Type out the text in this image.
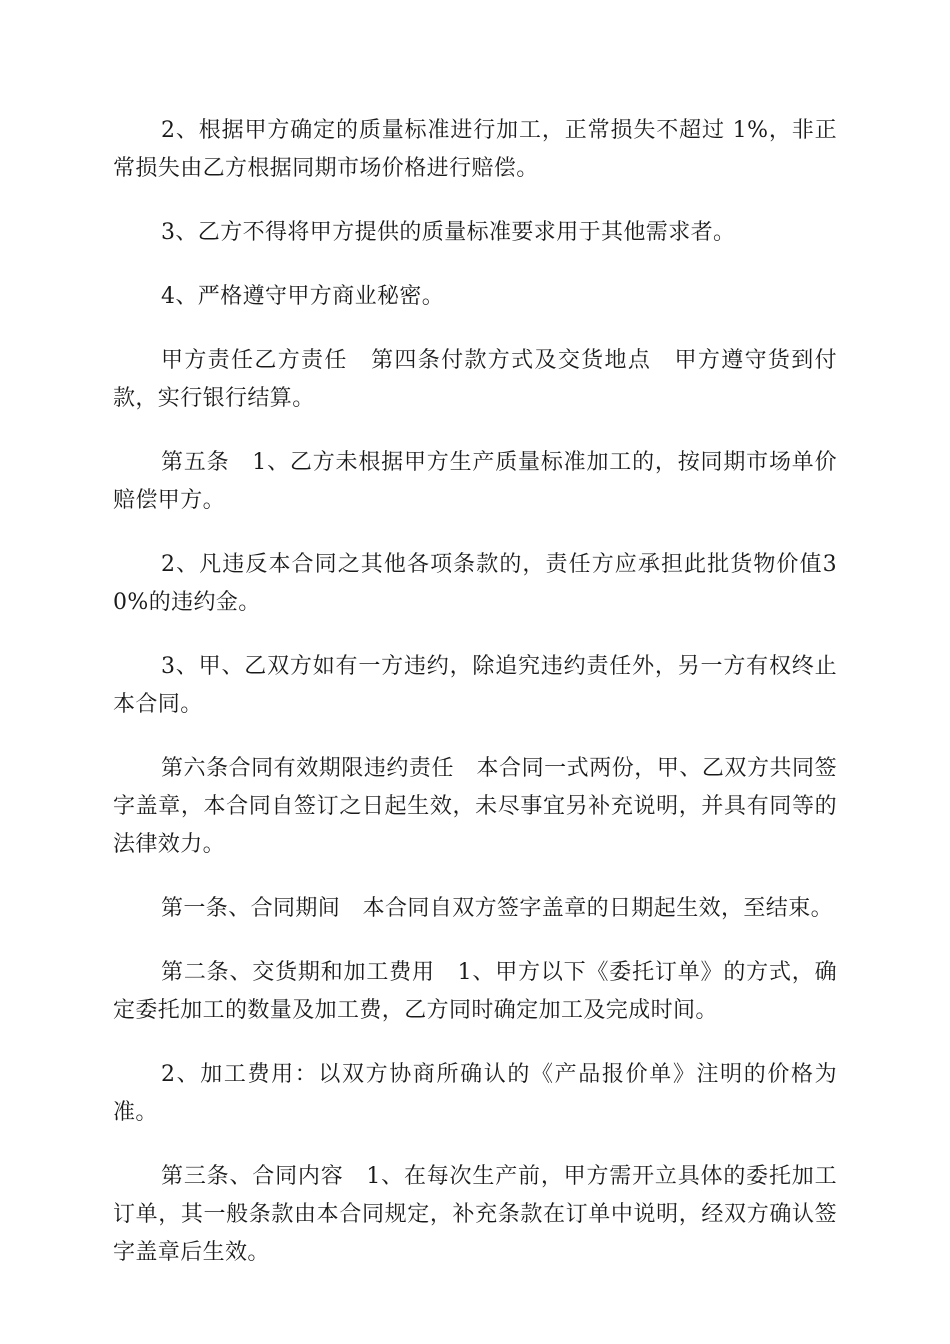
2、根据甲方确定的质量标准进行加工，正常损失不超过 1%，非正常损失由乙方根据同期市场价格进行赔偿。

3、乙方不得将甲方提供的质量标准要求用于其他需求者。

4、严格遵守甲方商业秘密。

甲方责任乙方责任　第四条付款方式及交货地点　甲方遵守货到付款，实行银行结算。

第五条　1、乙方未根据甲方生产质量标准加工的，按同期市场单价赔偿甲方。

2、凡违反本合同之其他各项条款的，责任方应承担此批货物价值30%的违约金。

3、甲、乙双方如有一方违约，除追究违约责任外，另一方有权终止本合同。

第六条合同有效期限违约责任　本合同一式两份，甲、乙双方共同签字盖章，本合同自签订之日起生效，未尽事宜另补充说明，并具有同等的法律效力。

第一条、合同期间　本合同自双方签字盖章的日期起生效，至结束。

第二条、交货期和加工费用　1、甲方以下《委托订单》的方式，确定委托加工的数量及加工费，乙方同时确定加工及完成时间。

2、加工费用：以双方协商所确认的《产品报价单》注明的价格为准。

第三条、合同内容　1、在每次生产前，甲方需开立具体的委托加工订单，其一般条款由本合同规定，补充条款在订单中说明，经双方确认签字盖章后生效。
